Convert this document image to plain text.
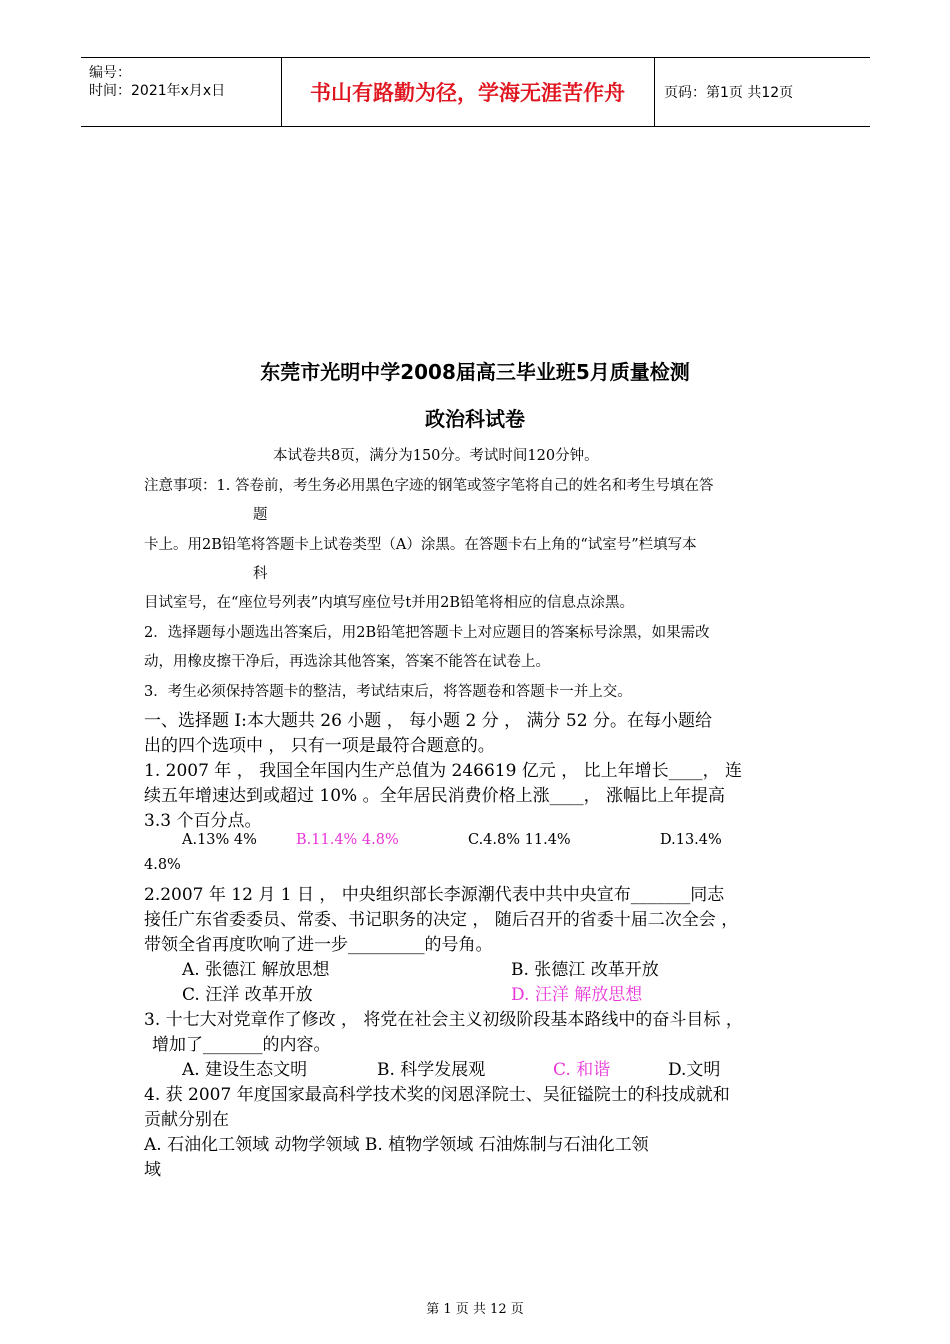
编号：
时间：2021年x月x日	书山有路勤为径，学海无涯苦作舟	页码：第1页 共12页
东莞市光明中学2008届高三毕业班5月质量检测
政治科试卷
本试卷共8页，满分为150分。考试时间120分钟。
注意事项：1. 答卷前，考生务必用黑色字迹的钢笔或签字笔将自己的姓名和考生号填在答
题
卡上。用2B铅笔将答题卡上试卷类型（A）涂黑。在答题卡右上角的“试室号”栏填写本
科
目试室号，在“座位号列表”内填写座位号t并用2B铅笔将相应的信息点涂黑。
2．选择题每小题选出答案后，用2B铅笔把答题卡上对应题目的答案标号涂黑，如果需改
动，用橡皮擦干净后，再选涂其他答案，答案不能答在试卷上。
3．考生必须保持答题卡的整洁，考试结束后，将答题卷和答题卡一并上交。
一、选择题 I:本大题共 26 小题 ， 每小题 2 分 ， 满分 52 分。在每小题给
出的四个选项中 ， 只有一项是最符合题意的。
1. 2007 年 ， 我国全年国内生产总值为 246619 亿元 ， 比上年增长____， 连
续五年增速达到或超过 10% 。全年居民消费价格上涨____， 涨幅比上年提高
3.3 个百分点。
A.13% 4%	B.11.4% 4.8%	C.4.8% 11.4%	D.13.4%
4.8%
2.2007 年 12 月 1 日 ， 中央组织部长李源潮代表中共中央宣布_______同志
接任广东省委委员、常委、书记职务的决定 ， 随后召开的省委十届二次全会 ，
带领全省再度吹响了进一步_________的号角。
A. 张德江 解放思想	B. 张德江 改革开放
C. 汪洋 改革开放	D. 汪洋 解放思想
3. 十七大对党章作了修改 ， 将党在社会主义初级阶段基本路线中的奋斗目标 ，
增加了_______的内容。
A. 建设生态文明	B. 科学发展观	C. 和谐	D.文明
4. 获 2007 年度国家最高科学技术奖的闵恩泽院士、吴征镒院士的科技成就和
贡献分别在
A. 石油化工领域 动物学领域 B. 植物学领域 石油炼制与石油化工领
域
第 1 页 共 12 页
